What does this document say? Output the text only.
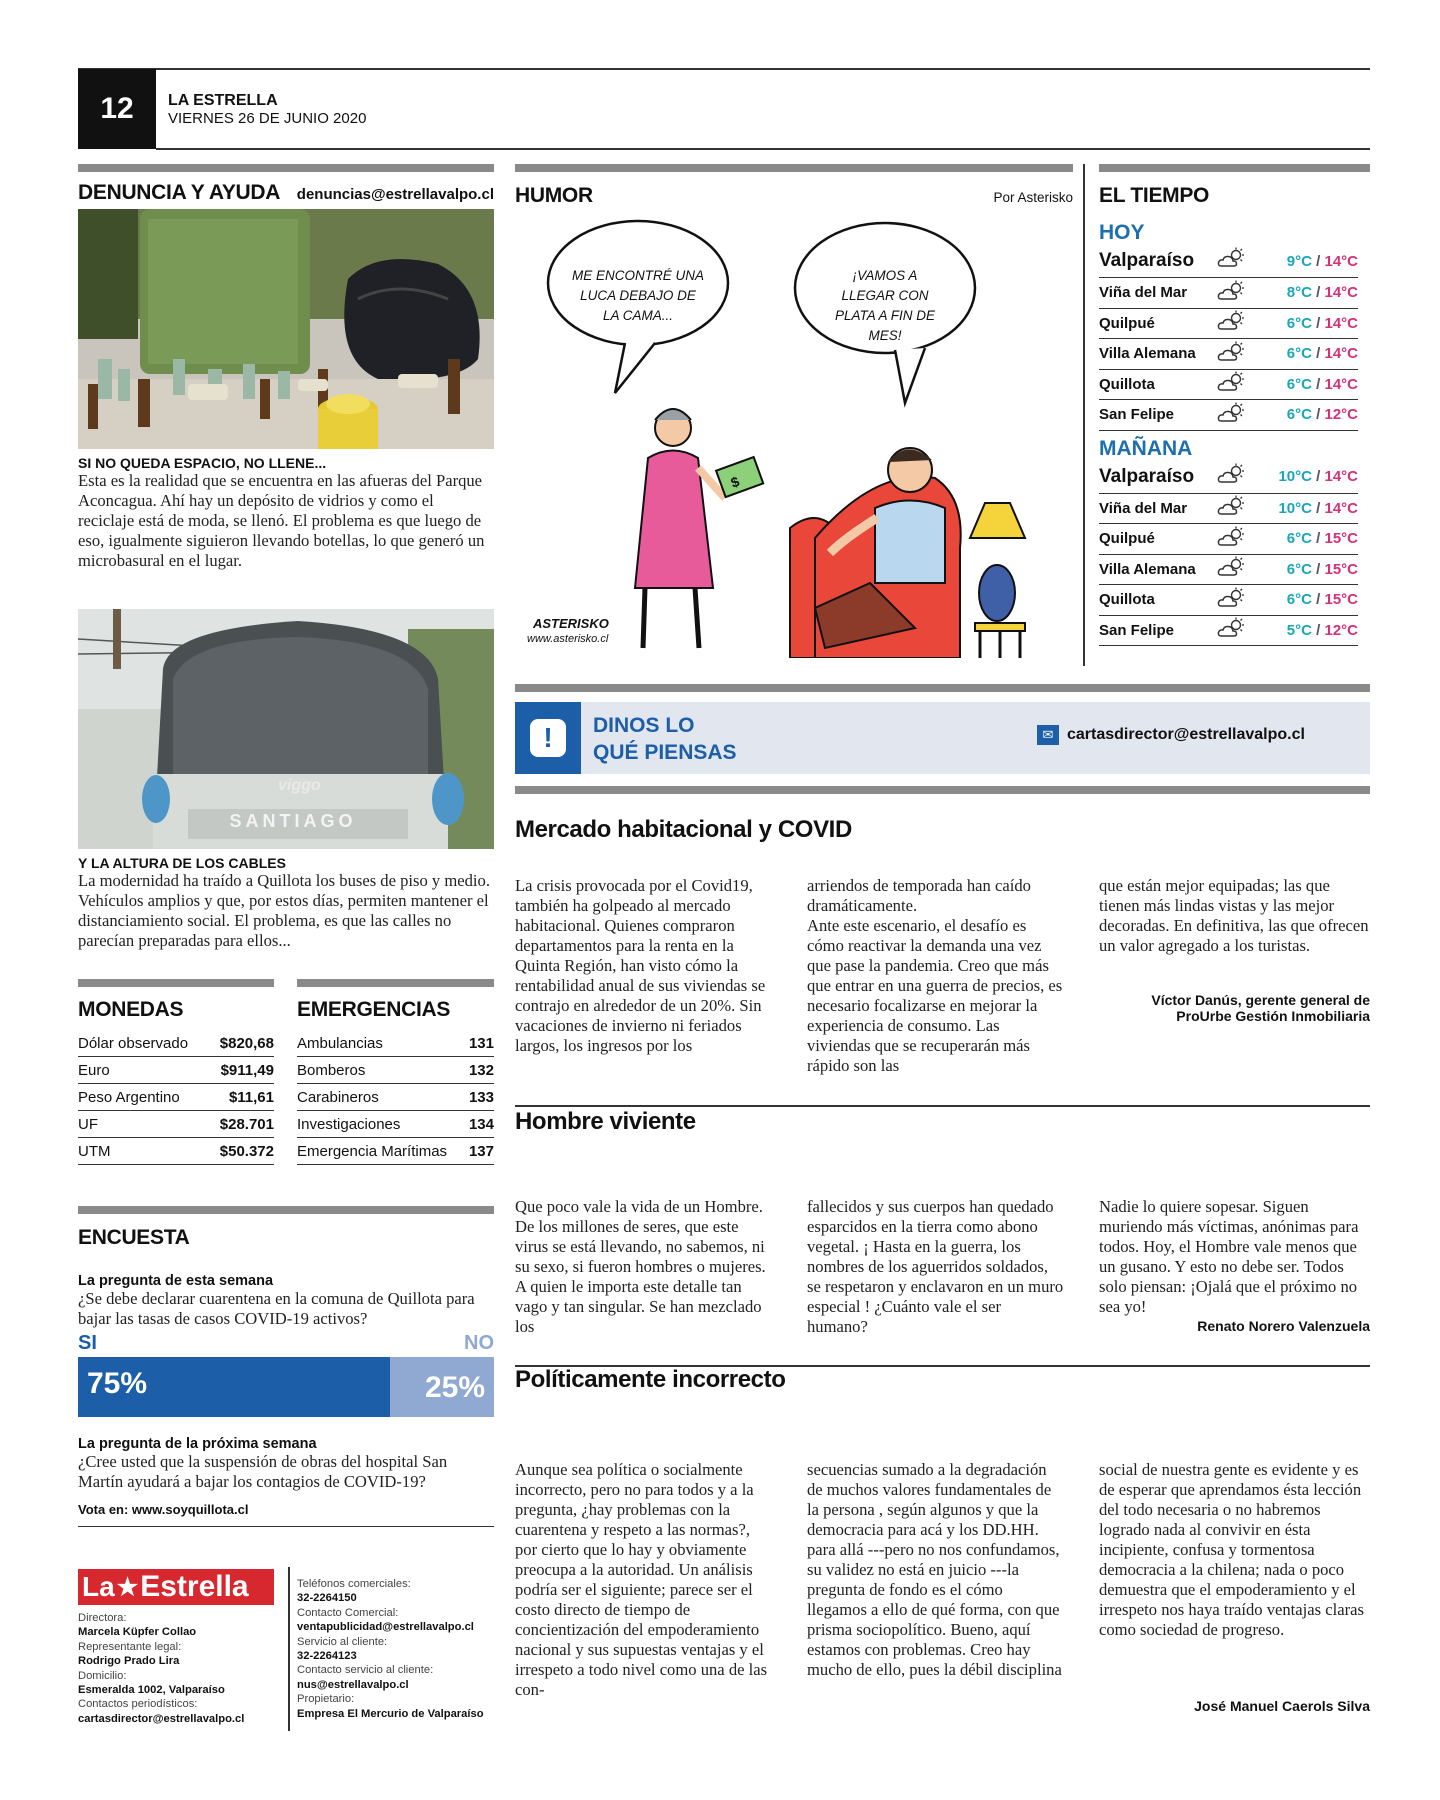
12	LA ESTRELLA
VIERNES 26 DE JUNIO 2020
DENUNCIA Y AYUDA denuncias@estrellavalpo.cl
SI NO QUEDA ESPACIO, NO LLENE...
Esta es la realidad que se encuentra en las afueras del Parque Aconcagua. Ahí hay un depósito de vidrios y como el reciclaje está de moda, se llenó. El problema es que luego de eso, igualmente siguieron llevando botellas, lo que generó un microbasural en el lugar.
viggo
SANTIAGO
Y LA ALTURA DE LOS CABLES
La modernidad ha traído a Quillota los buses de piso y medio. Vehículos amplios y que, por estos días, permiten mantener el distanciamiento social. El problema, es que las calles no parecían preparadas para ellos...
MONEDAS
Dólar observado $820,68
Euro	$911,49
Peso Argentino	$11,61
UF	$28.701
UTM	$50.372
EMERGENCIAS
Ambulancias	131
Bomberos	132
Carabineros	133
Investigaciones	134
Emergencia Marítimas 137
ENCUESTA
La pregunta de esta semana
¿Se debe declarar cuarentena en la comuna de Quillota para bajar las tasas de casos COVID-19 activos?
SI	NO
75%	25%
La pregunta de la próxima semana
¿Cree usted que la suspensión de obras del hospital San Martín ayudará a bajar los contagios de COVID-19?
Vota en: www.soyquillota.cl
La ★ Estrella
Directora:
Marcela Küpfer Collao
Representante legal:
Rodrigo Prado Lira
Domicilio:
Esmeralda 1002, Valparaíso
Contactos periodísticos:
cartasdirector@estrellavalpo.cl
Teléfonos comerciales:
32-2264150
Contacto Comercial:
ventapublicidad@estrellavalpo.cl
Servicio al cliente:
32-2264123
Contacto servicio al cliente:
nus@estrellavalpo.cl
Propietario:
Empresa El Mercurio de Valparaíso
HUMOR	Por Asterisko
$
ME ENCONTRÉ UNA LUCA DEBAJO DE LA CAMA...
¡VAMOS A LLEGAR CON PLATA A FIN DE MES!
ASTERISKO
www.asterisko.cl
EL TIEMPO
HOY
Valparaíso	9°C / 14°C
Viña del Mar	8°C / 14°C
Quilpué	6°C / 14°C
Villa Alemana	6°C / 14°C
Quillota	6°C / 14°C
San Felipe	6°C / 12°C
MAÑANA
Valparaíso	10°C / 14°C
Viña del Mar	10°C / 14°C
Quilpué	6°C / 15°C
Villa Alemana	6°C / 15°C
Quillota	6°C / 15°C
San Felipe	5°C / 12°C
!	DINOS LO
QUÉ PIENSAS
✉ cartasdirector@estrellavalpo.cl
Mercado habitacional y COVID
La crisis provocada por el Covid19, también ha golpeado al mercado habitacional. Quienes compraron departamentos para la renta en la Quinta Región, han visto cómo la rentabilidad anual de sus viviendas se contrajo en alrededor de un 20%. Sin vacaciones de invierno ni feriados largos, los ingresos por los
arriendos de temporada han caído dramáticamente.
Ante este escenario, el desafío es cómo reactivar la demanda una vez que pase la pandemia. Creo que más que entrar en una guerra de precios, es necesario focalizarse en mejorar la experiencia de consumo. Las viviendas que se recuperarán más rápido son las
que están mejor equipadas; las que tienen más lindas vistas y las mejor decoradas. En definitiva, las que ofrecen un valor agregado a los turistas.
Víctor Danús, gerente general de ProUrbe Gestión Inmobiliaria
Hombre viviente
Que poco vale la vida de un Hombre. De los millones de seres, que este virus se está llevando, no sabemos, ni su sexo, si fueron hombres o mujeres. A quien le importa este detalle tan vago y tan singular. Se han mezclado los
fallecidos y sus cuerpos han quedado esparcidos en la tierra como abono vegetal. ¡ Hasta en la guerra, los nombres de los aguerridos soldados, se respetaron y enclavaron en un muro especial ! ¿Cuánto vale el ser humano?
Nadie lo quiere sopesar. Siguen muriendo más víctimas, anónimas para todos. Hoy, el Hombre vale menos que un gusano. Y esto no debe ser. Todos solo piensan: ¡Ojalá que el próximo no sea yo!
Renato Norero Valenzuela
Políticamente incorrecto
Aunque sea política o socialmente incorrecto, pero no para todos y a la pregunta, ¿hay problemas con la cuarentena y respeto a las normas?, por cierto que lo hay y obviamente preocupa a la autoridad. Un análisis podría ser el siguiente; parece ser el costo directo de tiempo de concientización del empoderamiento nacional y sus supuestas ventajas y el irrespeto a todo nivel como una de las con-
secuencias sumado a la degradación de muchos valores fundamentales de la persona , según algunos y que la democracia para acá y los DD.HH. para allá ---pero no nos confundamos, su validez no está en juicio ---la pregunta de fondo es el cómo llegamos a ello de qué forma, con que prisma sociopolítico. Bueno, aquí estamos con problemas. Creo hay mucho de ello, pues la débil disciplina
social de nuestra gente es evidente y es de esperar que aprendamos ésta lección del todo necesaria o no habremos logrado nada al convivir en ésta incipiente, confusa y tormentosa democracia a la chilena; nada o poco demuestra que el empoderamiento y el irrespeto nos haya traído ventajas claras como sociedad de progreso.
José Manuel Caerols Silva
